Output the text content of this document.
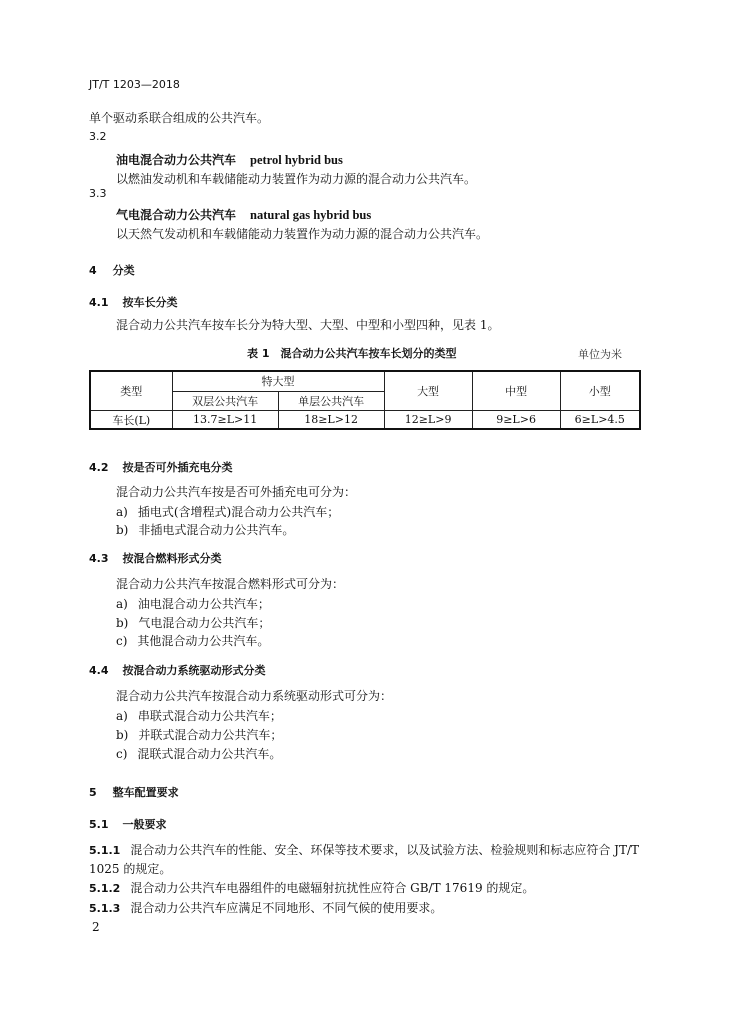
JT/T 1203—2018
单个驱动系联合组成的公共汽车。
3.2
油电混合动力公共汽车 petrol hybrid bus
以燃油发动机和车载储能动力装置作为动力源的混合动力公共汽车。
3.3
气电混合动力公共汽车 natural gas hybrid bus
以天然气发动机和车载储能动力装置作为动力源的混合动力公共汽车。
4 分类
4.1 按车长分类
混合动力公共汽车按车长分为特大型、大型、中型和小型四种，见表 1。
表 1　混合动力公共汽车按车长划分的类型	单位为米
类型	特大型		大型	中型	小型
	双层公共汽车	单层公共汽车			
车长(L)	13.7≥L>11	18≥L>12	12≥L>9	9≥L>6	6≥L>4.5
4.2 按是否可外插充电分类
混合动力公共汽车按是否可外插充电可分为：
a) 插电式(含增程式)混合动力公共汽车；
b) 非插电式混合动力公共汽车。
4.3 按混合燃料形式分类
混合动力公共汽车按混合燃料形式可分为：
a) 油电混合动力公共汽车；
b) 气电混合动力公共汽车；
c) 其他混合动力公共汽车。
4.4 按混合动力系统驱动形式分类
混合动力公共汽车按混合动力系统驱动形式可分为：
a) 串联式混合动力公共汽车；
b) 并联式混合动力公共汽车；
c) 混联式混合动力公共汽车。
5 整车配置要求
5.1 一般要求
5.1.1 混合动力公共汽车的性能、安全、环保等技术要求，以及试验方法、检验规则和标志应符合 JT/T
1025 的规定。
5.1.2 混合动力公共汽车电器组件的电磁辐射抗扰性应符合 GB/T 17619 的规定。
5.1.3 混合动力公共汽车应满足不同地形、不同气候的使用要求。
2
